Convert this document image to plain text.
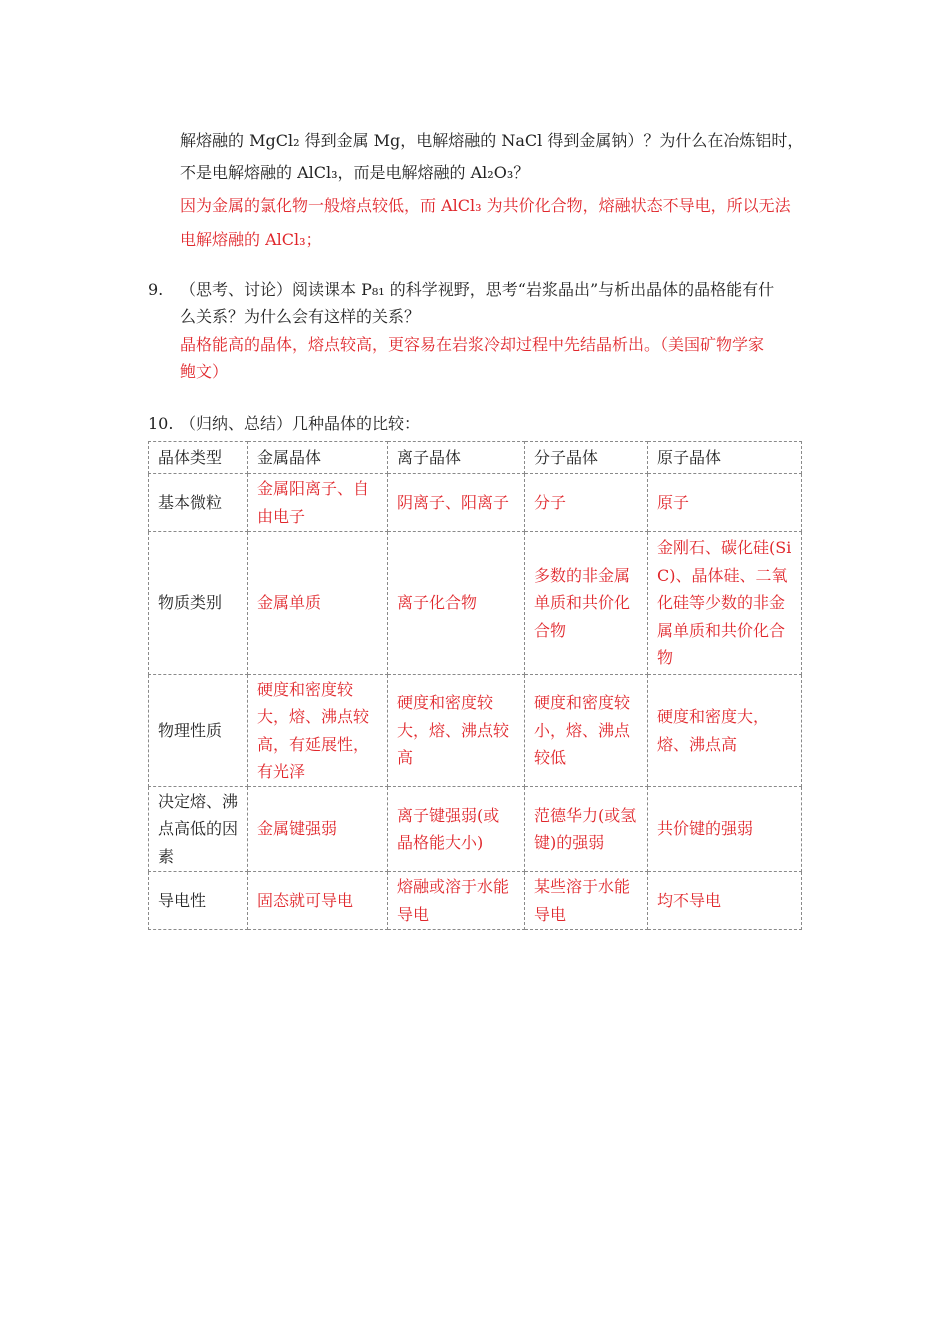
解熔融的 MgCl₂ 得到金属 Mg，电解熔融的 NaCl 得到金属钠）？为什么在冶炼铝时，
不是电解熔融的 AlCl₃，而是电解熔融的 Al₂O₃？
因为金属的氯化物一般熔点较低，而 AlCl₃ 为共价化合物，熔融状态不导电，所以无法
电解熔融的 AlCl₃；
9. （思考、讨论）阅读课本 P₈₁ 的科学视野，思考“岩浆晶出”与析出晶体的晶格能有什
么关系？为什么会有这样的关系？
晶格能高的晶体，熔点较高，更容易在岩浆冷却过程中先结晶析出。（美国矿物学家
鲍文）
10. （归纳、总结）几种晶体的比较：
晶体类型	金属晶体	离子晶体	分子晶体	原子晶体
基本微粒	金属阳离子、自由电子	阴离子、阳离子	分子	原子
物质类别	金属单质	离子化合物	多数的非金属单质和共价化合物	金刚石、碳化硅(SiC)、晶体硅、二氧化硅等少数的非金属单质和共价化合物
物理性质	硬度和密度较大，熔、沸点较高，有延展性，有光泽	硬度和密度较大，熔、沸点较高	硬度和密度较小，熔、沸点较低	硬度和密度大，熔、沸点高
决定熔、沸点高低的因素	金属键强弱	离子键强弱(或晶格能大小)	范德华力(或氢键)的强弱	共价键的强弱
导电性	固态就可导电	熔融或溶于水能导电	某些溶于水能导电	均不导电
